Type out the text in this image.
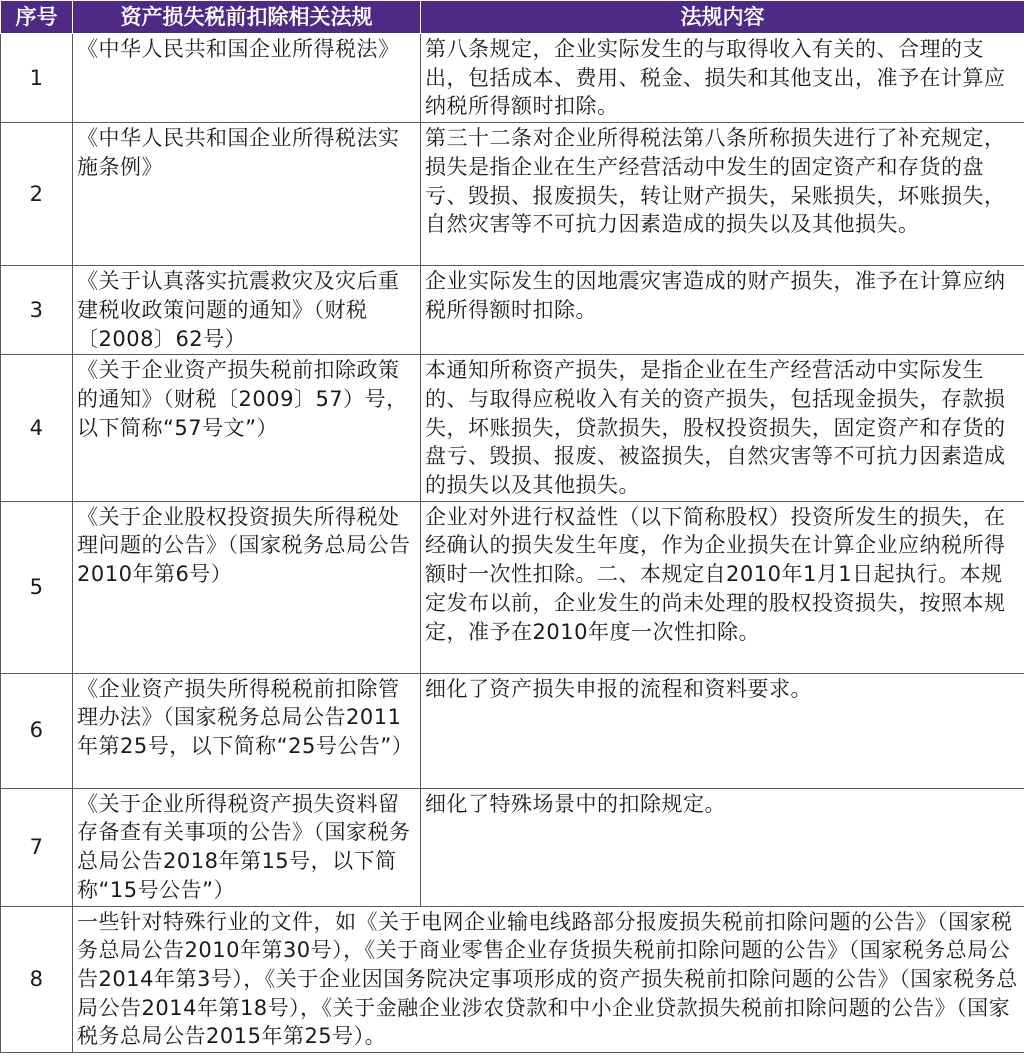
序号	资产损失税前扣除相关法规	法规内容
1	《中华人民共和国企业所得税法》	第八条规定，企业实际发生的与取得收入有关的、合理的支出，包括成本、费用、税金、损失和其他支出，准予在计算应纳税所得额时扣除。
2	《中华人民共和国企业所得税法实施条例》	第三十二条对企业所得税法第八条所称损失进行了补充规定，损失是指企业在生产经营活动中发生的固定资产和存货的盘亏、毁损、报废损失，转让财产损失，呆账损失，坏账损失，自然灾害等不可抗力因素造成的损失以及其他损失。
3	《关于认真落实抗震救灾及灾后重建税收政策问题的通知》（财税〔2008〕62号）	企业实际发生的因地震灾害造成的财产损失，准予在计算应纳税所得额时扣除。
4	《关于企业资产损失税前扣除政策的通知》（财税〔2009〕57）号，以下简称“57号文”）	本通知所称资产损失，是指企业在生产经营活动中实际发生的、与取得应税收入有关的资产损失，包括现金损失，存款损失，坏账损失，贷款损失，股权投资损失，固定资产和存货的盘亏、毁损、报废、被盗损失，自然灾害等不可抗力因素造成的损失以及其他损失。
5	《关于企业股权投资损失所得税处理问题的公告》（国家税务总局公告2010年第6号）	企业对外进行权益性（以下简称股权）投资所发生的损失，在经确认的损失发生年度，作为企业损失在计算企业应纳税所得额时一次性扣除。二、本规定自2010年1月1日起执行。本规定发布以前，企业发生的尚未处理的股权投资损失，按照本规定，准予在2010年度一次性扣除。
6	《企业资产损失所得税税前扣除管理办法》（国家税务总局公告2011年第25号，以下简称“25号公告”）	细化了资产损失申报的流程和资料要求。
7	《关于企业所得税资产损失资料留存备查有关事项的公告》（国家税务总局公告2018年第15号，以下简称“15号公告”）	细化了特殊场景中的扣除规定。
8	一些针对特殊行业的文件，如《关于电网企业输电线路部分报废损失税前扣除问题的公告》（国家税务总局公告2010年第30号），《关于商业零售企业存货损失税前扣除问题的公告》（国家税务总局公告2014年第3号），《关于企业因国务院决定事项形成的资产损失税前扣除问题的公告》（国家税务总局公告2014年第18号），《关于金融企业涉农贷款和中小企业贷款损失税前扣除问题的公告》（国家税务总局公告2015年第25号）。	
